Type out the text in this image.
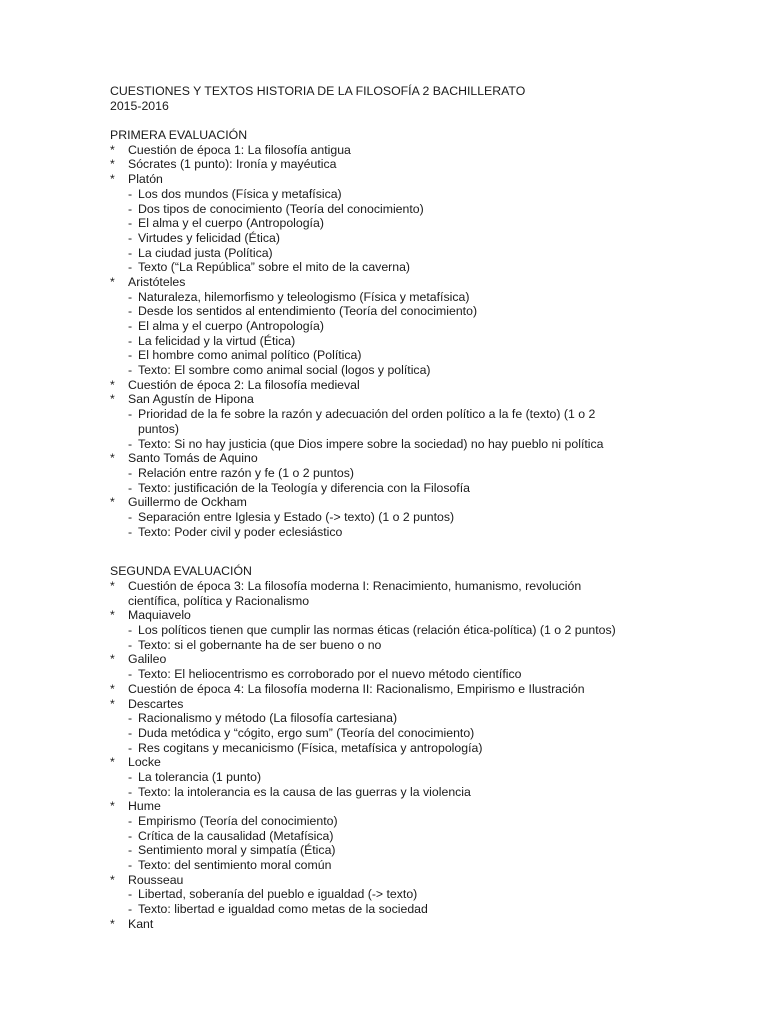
CUESTIONES Y TEXTOS HISTORIA DE LA FILOSOFÍA 2 BACHILLERATO
2015-2016
PRIMERA EVALUACIÓN
* Cuestión de época 1: La filosofía antigua
* Sócrates (1 punto): Ironía y mayéutica
* Platón
- Los dos mundos (Física y metafísica)
- Dos tipos de conocimiento (Teoría del conocimiento)
- El alma y el cuerpo (Antropología)
- Virtudes y felicidad (Ética)
- La ciudad justa (Política)
- Texto (“La República” sobre el mito de la caverna)
* Aristóteles
- Naturaleza, hilemorfismo y teleologismo (Física y metafísica)
- Desde los sentidos al entendimiento (Teoría del conocimiento)
- El alma y el cuerpo (Antropología)
- La felicidad y la virtud (Ética)
- El hombre como animal político (Política)
- Texto: El sombre como animal social (logos y política)
* Cuestión de época 2: La filosofía medieval
* San Agustín de Hipona
- Prioridad de la fe sobre la razón y adecuación del orden político a la fe (texto) (1 o 2
puntos)
- Texto: Si no hay justicia (que Dios impere sobre la sociedad) no hay pueblo ni política
* Santo Tomás de Aquino
- Relación entre razón y fe (1 o 2 puntos)
- Texto: justificación de la Teología y diferencia con la Filosofía
* Guillermo de Ockham
- Separación entre Iglesia y Estado (-> texto) (1 o 2 puntos)
- Texto: Poder civil y poder eclesiástico
SEGUNDA EVALUACIÓN
* Cuestión de época 3: La filosofía moderna I: Renacimiento, humanismo, revolución
científica, política y Racionalismo
* Maquiavelo
- Los políticos tienen que cumplir las normas éticas (relación ética-política) (1 o 2 puntos)
- Texto: si el gobernante ha de ser bueno o no
* Galileo
- Texto: El heliocentrismo es corroborado por el nuevo método científico
* Cuestión de época 4: La filosofía moderna II: Racionalismo, Empirismo e Ilustración
* Descartes
- Racionalismo y método (La filosofía cartesiana)
- Duda metódica y “cógito, ergo sum” (Teoría del conocimiento)
- Res cogitans y mecanicismo (Física, metafísica y antropología)
* Locke
- La tolerancia (1 punto)
- Texto: la intolerancia es la causa de las guerras y la violencia
* Hume
- Empirismo (Teoría del conocimiento)
- Crítica de la causalidad (Metafísica)
- Sentimiento moral y simpatía (Ética)
- Texto: del sentimiento moral común
* Rousseau
- Libertad, soberanía del pueblo e igualdad (-> texto)
- Texto: libertad e igualdad como metas de la sociedad
* Kant
